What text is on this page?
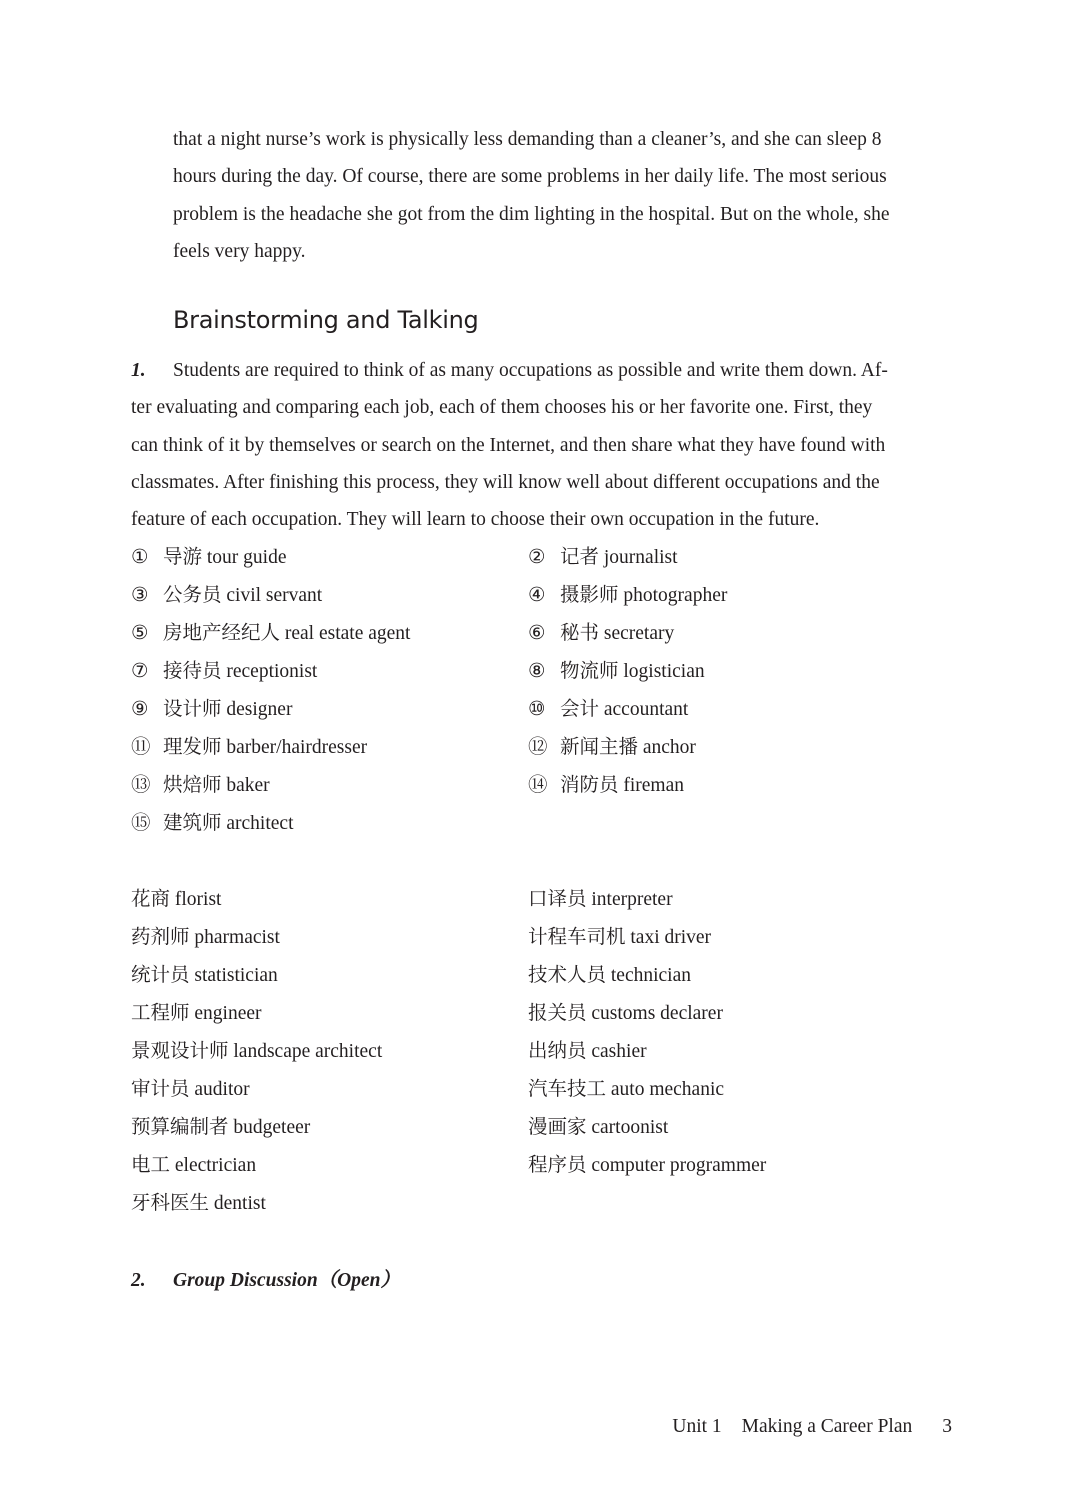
that a night nurse’s work is physically less demanding than a cleaner’s, and she can sleep 8
hours during the day. Of course, there are some problems in her daily life. The most serious
problem is the headache she got from the dim lighting in the hospital. But on the whole, she
feels very happy.

Brainstorming and Talking

1. Students are required to think of as many occupations as possible and write them down. Af-
ter evaluating and comparing each job, each of them chooses his or her favorite one. First, they
can think of it by themselves or search on the Internet, and then share what they have found with
classmates. After finishing this process, they will know well about different occupations and the
feature of each occupation. They will learn to choose their own occupation in the future.

① 导游 tour guide	② 记者 journalist
③ 公务员 civil servant	④ 摄影师 photographer
⑤ 房地产经纪人 real estate agent	⑥ 秘书 secretary
⑦ 接待员 receptionist	⑧ 物流师 logistician
⑨ 设计师 designer	⑩ 会计 accountant
⑪ 理发师 barber/hairdresser	⑫ 新闻主播 anchor
⑬ 烘焙师 baker	⑭ 消防员 fireman
⑮ 建筑师 architect
花商 florist	口译员 interpreter
药剂师 pharmacist	计程车司机 taxi driver
统计员 statistician	技术人员 technician
工程师 engineer	报关员 customs declarer
景观设计师 landscape architect	出纳员 cashier
审计员 auditor	汽车技工 auto mechanic
预算编制者 budgeteer	漫画家 cartoonist
电工 electrician	程序员 computer programmer
牙科医生 dentist

2. Group Discussion（Open）

Unit 1 Making a Career Plan 3
